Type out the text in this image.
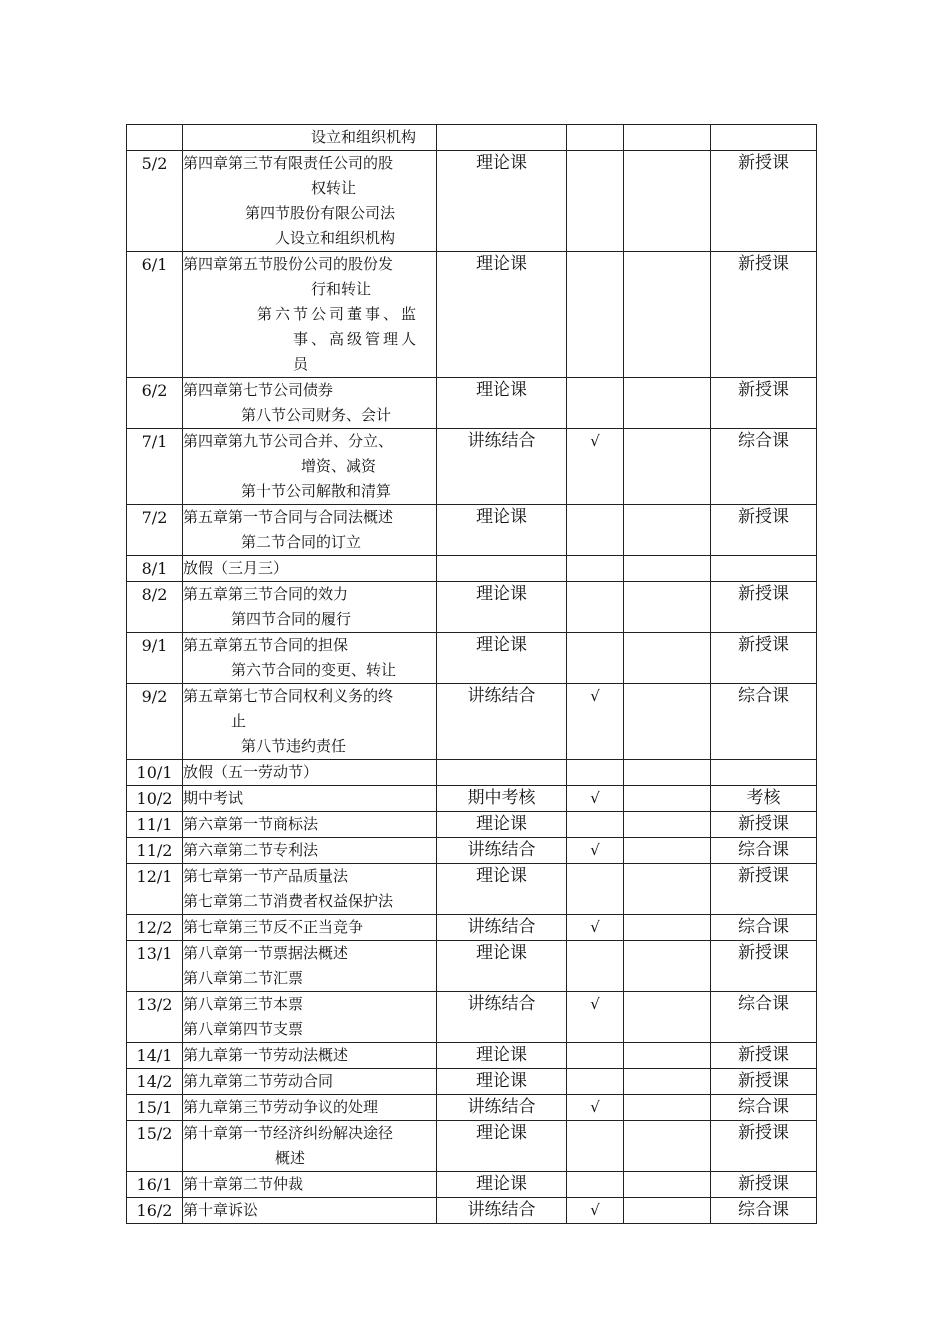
	设立和组织机构				

5/2	第四章第三节有限责任公司的股
权转让
第四节股份有限公司法
人设立和组织机构	理论课			新授课
6/1	第四章第五节股份公司的股份发
行和转让
第六节公司董事、监
事、高级管理人
员	理论课			新授课
6/2	第四章第七节公司债券
第八节公司财务、会计	理论课			新授课
7/1	第四章第九节公司合并、分立、
增资、减资
第十节公司解散和清算	讲练结合	√		综合课
7/2	第五章第一节合同与合同法概述
第二节合同的订立	理论课			新授课
8/1	放假（三月三）				

8/2	第五章第三节合同的效力
第四节合同的履行	理论课			新授课
9/1	第五章第五节合同的担保
第六节合同的变更、转让	理论课			新授课
9/2	第五章第七节合同权利义务的终
止
第八节违约责任	讲练结合	√		综合课
10/1	放假（五一劳动节）				

10/2	期中考试	期中考核	√		考核
11/1	第六章第一节商标法	理论课			新授课
11/2	第六章第二节专利法	讲练结合	√		综合课
12/1	第七章第一节产品质量法
第七章第二节消费者权益保护法	理论课			新授课
12/2	第七章第三节反不正当竞争	讲练结合	√		综合课
13/1	第八章第一节票据法概述
第八章第二节汇票	理论课			新授课
13/2	第八章第三节本票
第八章第四节支票	讲练结合	√		综合课
14/1	第九章第一节劳动法概述	理论课			新授课
14/2	第九章第二节劳动合同	理论课			新授课
15/1	第九章第三节劳动争议的处理	讲练结合	√		综合课
15/2	第十章第一节经济纠纷解决途径
概述	理论课			新授课
16/1	第十章第二节仲裁	理论课			新授课
16/2	第十章诉讼	讲练结合	√		综合课
